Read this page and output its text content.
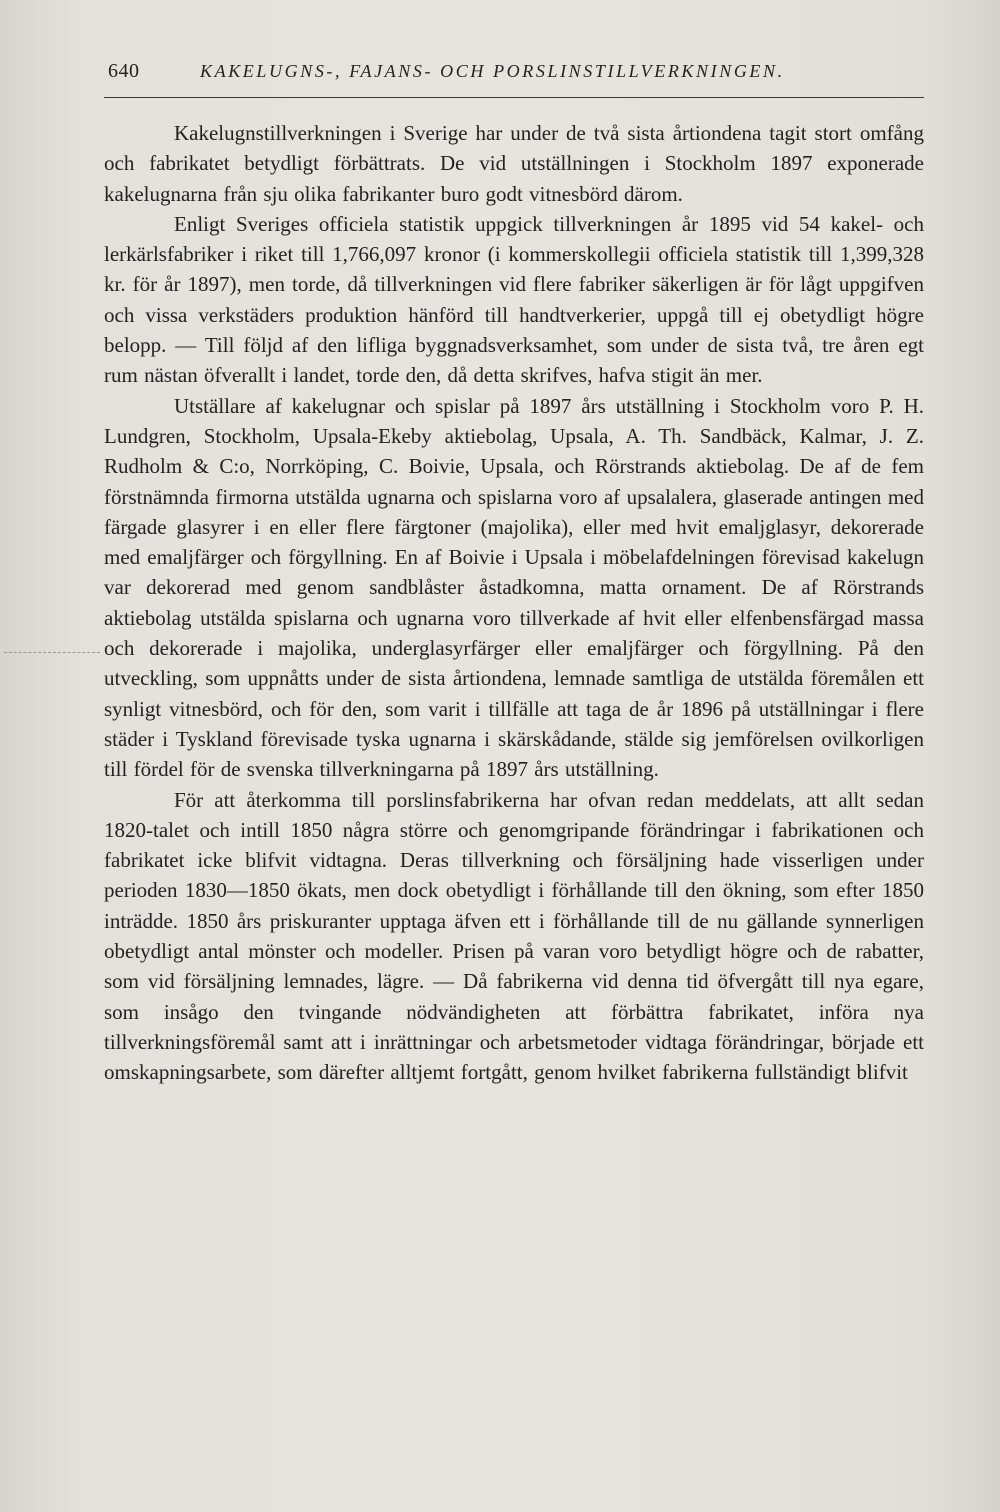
640	KAKELUGNS-, FAJANS- OCH PORSLINSTILLVERKNINGEN.

Kakelugnstillverkningen i Sverige har under de två sista årtiondena tagit stort omfång och fabrikatet betydligt förbättrats. De vid utställningen i Stockholm 1897 exponerade kakelugnarna från sju olika fabrikanter buro godt vitnesbörd därom.

Enligt Sveriges officiela statistik uppgick tillverkningen år 1895 vid 54 kakel- och lerkärlsfabriker i riket till 1,766,097 kronor (i kommerskollegii officiela statistik till 1,399,328 kr. för år 1897), men torde, då tillverkningen vid flere fabriker säkerligen är för lågt uppgifven och vissa verkstäders produktion hänförd till handtverkerier, uppgå till ej obetydligt högre belopp. — Till följd af den lifliga byggnadsverksamhet, som under de sista två, tre åren egt rum nästan öfverallt i landet, torde den, då detta skrifves, hafva stigit än mer.

Utställare af kakelugnar och spislar på 1897 års utställning i Stockholm voro P. H. Lundgren, Stockholm, Upsala-Ekeby aktiebolag, Upsala, A. Th. Sandbäck, Kalmar, J. Z. Rudholm & C:o, Norrköping, C. Boivie, Upsala, och Rörstrands aktiebolag. De af de fem förstnämnda firmorna utstälda ugnarna och spislarna voro af upsalalera, glaserade antingen med färgade glasyrer i en eller flere färgtoner (majolika), eller med hvit emaljglasyr, dekorerade med emaljfärger och förgyllning. En af Boivie i Upsala i möbelafdelningen förevisad kakelugn var dekorerad med genom sandblåster åstadkomna, matta ornament. De af Rörstrands aktiebolag utstälda spislarna och ugnarna voro tillverkade af hvit eller elfenbensfärgad massa och dekorerade i majolika, underglasyrfärger eller emaljfärger och förgyllning. På den utveckling, som uppnåtts under de sista årtiondena, lemnade samtliga de utstälda föremålen ett synligt vitnesbörd, och för den, som varit i tillfälle att taga de år 1896 på utställningar i flere städer i Tyskland förevisade tyska ugnarna i skärskådande, stälde sig jemförelsen ovilkorligen till fördel för de svenska tillverkningarna på 1897 års utställning.

För att återkomma till porslinsfabrikerna har ofvan redan meddelats, att allt sedan 1820-talet och intill 1850 några större och genomgripande förändringar i fabrikationen och fabrikatet icke blifvit vidtagna. Deras tillverkning och försäljning hade visserligen under perioden 1830—1850 ökats, men dock obetydligt i förhållande till den ökning, som efter 1850 inträdde. 1850 års priskuranter upptaga äfven ett i förhållande till de nu gällande synnerligen obetydligt antal mönster och modeller. Prisen på varan voro betydligt högre och de rabatter, som vid försäljning lemnades, lägre. — Då fabrikerna vid denna tid öfvergått till nya egare, som insågo den tvingande nödvändigheten att förbättra fabrikatet, införa nya tillverkningsföremål samt att i inrättningar och arbetsmetoder vidtaga förändringar, började ett omskapningsarbete, som därefter alltjemt fortgått, genom hvilket fabrikerna fullständigt blifvit
